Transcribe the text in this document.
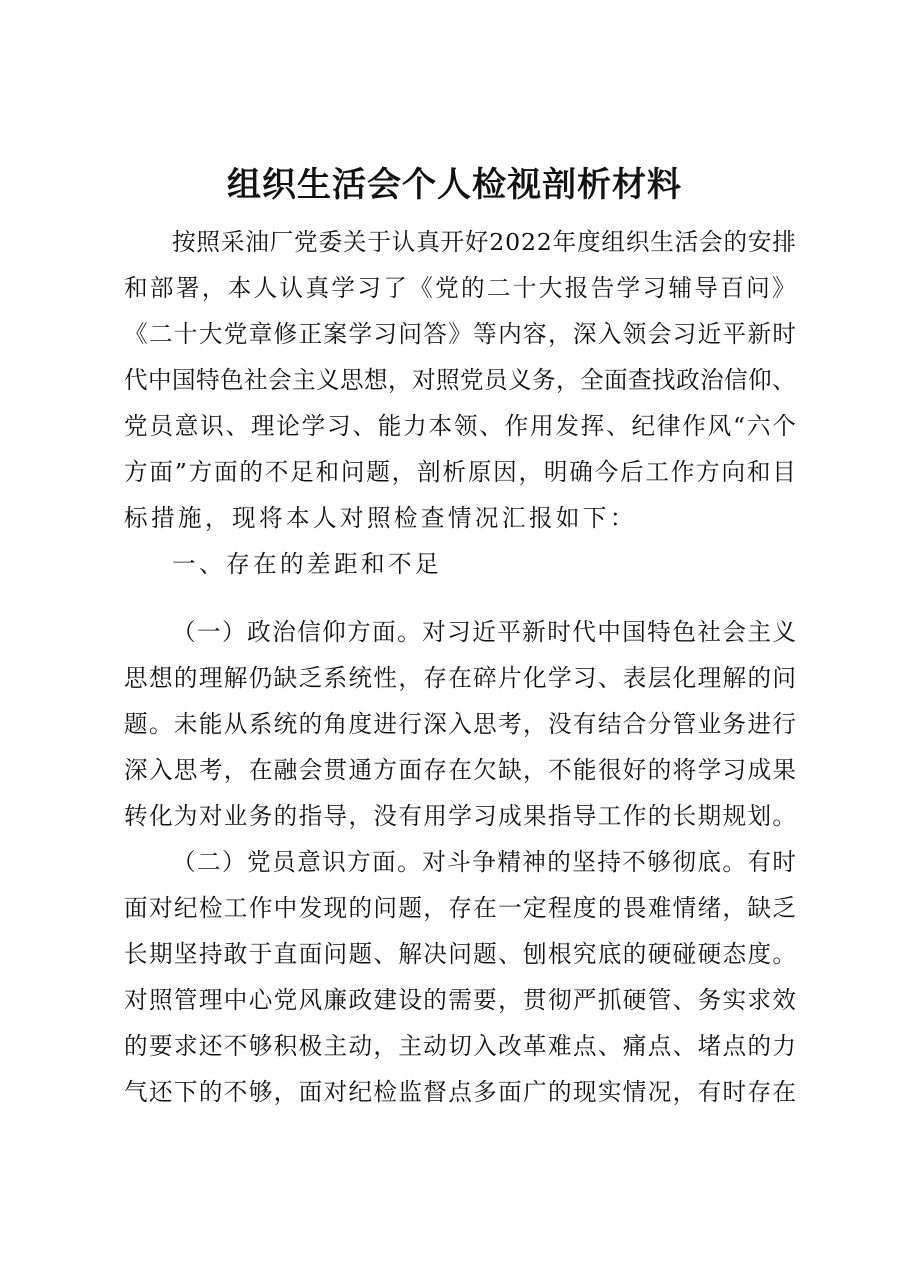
组织生活会个人检视剖析材料

按 照 采 油 厂 党 委 关 于 认 真 开 好 2 0 2 2 年 度 组 织 生 活 会 的 安 排

和 部 署 ， 本 人 认 真 学 习 了 《 党 的 二 十 大 报 告 学 习 辅 导 百 问 》

《 二 十 大 党 章 修 正 案 学 习 问 答 》 等 内 容 ， 深 入 领 会 习 近 平 新 时

代 中 国 特 色 社 会 主 义 思 想 ， 对 照 党 员 义 务 ， 全 面 查 找 政 治 信 仰 、

党 员 意 识 、 理 论 学 习 、 能 力 本 领 、 作 用 发 挥 、 纪 律 作 风 “ 六 个

方 面 ” 方 面 的 不 足 和 问 题 ， 剖 析 原 因 ， 明 确 今 后 工 作 方 向 和 目

标措施，现将本人对照检查情况汇报如下：

一、存在的差距和不足

（ 一 ） 政 治 信 仰 方 面 。 对 习 近 平 新 时 代 中 国 特 色 社 会 主 义

思 想 的 理 解 仍 缺 乏 系 统 性 ， 存 在 碎 片 化 学 习 、 表 层 化 理 解 的 问

题 。 未 能 从 系 统 的 角 度 进 行 深 入 思 考 ， 没 有 结 合 分 管 业 务 进 行

深 入 思 考 ， 在 融 会 贯 通 方 面 存 在 欠 缺 ， 不 能 很 好 的 将 学 习 成 果

转 化 为 对 业 务 的 指 导 ， 没 有 用 学 习 成 果 指 导 工 作 的 长 期 规 划 。

（ 二 ） 党 员 意 识 方 面 。 对 斗 争 精 神 的 坚 持 不 够 彻 底 。 有 时

面 对 纪 检 工 作 中 发 现 的 问 题 ， 存 在 一 定 程 度 的 畏 难 情 绪 ， 缺 乏

长 期 坚 持 敢 于 直 面 问 题 、 解 决 问 题 、 刨 根 究 底 的 硬 碰 硬 态 度 。

对 照 管 理 中 心 党 风 廉 政 建 设 的 需 要 ， 贯 彻 严 抓 硬 管 、 务 实 求 效

的 要 求 还 不 够 积 极 主 动 ， 主 动 切 入 改 革 难 点 、 痛 点 、 堵 点 的 力

气 还 下 的 不 够 ， 面 对 纪 检 监 督 点 多 面 广 的 现 实 情 况 ， 有 时 存 在
